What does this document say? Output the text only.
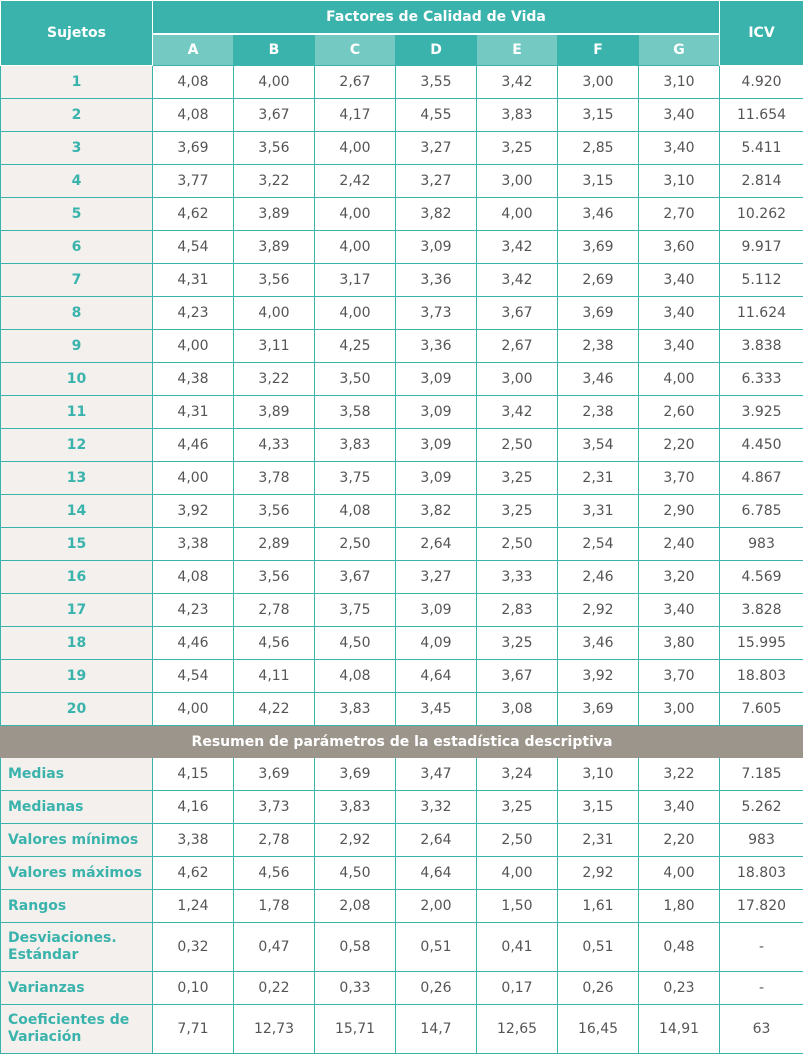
Sujetos	Factores de Calidad de Vida							ICV
	A	B	C	D	E	F	G	
1	4,08	4,00	2,67	3,55	3,42	3,00	3,10	4.920
2	4,08	3,67	4,17	4,55	3,83	3,15	3,40	11.654
3	3,69	3,56	4,00	3,27	3,25	2,85	3,40	5.411
4	3,77	3,22	2,42	3,27	3,00	3,15	3,10	2.814
5	4,62	3,89	4,00	3,82	4,00	3,46	2,70	10.262
6	4,54	3,89	4,00	3,09	3,42	3,69	3,60	9.917
7	4,31	3,56	3,17	3,36	3,42	2,69	3,40	5.112
8	4,23	4,00	4,00	3,73	3,67	3,69	3,40	11.624
9	4,00	3,11	4,25	3,36	2,67	2,38	3,40	3.838
10	4,38	3,22	3,50	3,09	3,00	3,46	4,00	6.333
11	4,31	3,89	3,58	3,09	3,42	2,38	2,60	3.925
12	4,46	4,33	3,83	3,09	2,50	3,54	2,20	4.450
13	4,00	3,78	3,75	3,09	3,25	2,31	3,70	4.867
14	3,92	3,56	4,08	3,82	3,25	3,31	2,90	6.785
15	3,38	2,89	2,50	2,64	2,50	2,54	2,40	983
16	4,08	3,56	3,67	3,27	3,33	2,46	3,20	4.569
17	4,23	2,78	3,75	3,09	2,83	2,92	3,40	3.828
18	4,46	4,56	4,50	4,09	3,25	3,46	3,80	15.995
19	4,54	4,11	4,08	4,64	3,67	3,92	3,70	18.803
20	4,00	4,22	3,83	3,45	3,08	3,69	3,00	7.605
Resumen de parámetros de la estadística descriptiva								
Medias	4,15	3,69	3,69	3,47	3,24	3,10	3,22	7.185
Medianas	4,16	3,73	3,83	3,32	3,25	3,15	3,40	5.262
Valores mínimos	3,38	2,78	2,92	2,64	2,50	2,31	2,20	983
Valores máximos	4,62	4,56	4,50	4,64	4,00	2,92	4,00	18.803
Rangos	1,24	1,78	2,08	2,00	1,50	1,61	1,80	17.820
Desviaciones. Estándar	0,32	0,47	0,58	0,51	0,41	0,51	0,48	-
Varianzas	0,10	0,22	0,33	0,26	0,17	0,26	0,23	-
Coeficientes de Variación	7,71	12,73	15,71	14,7	12,65	16,45	14,91	63
